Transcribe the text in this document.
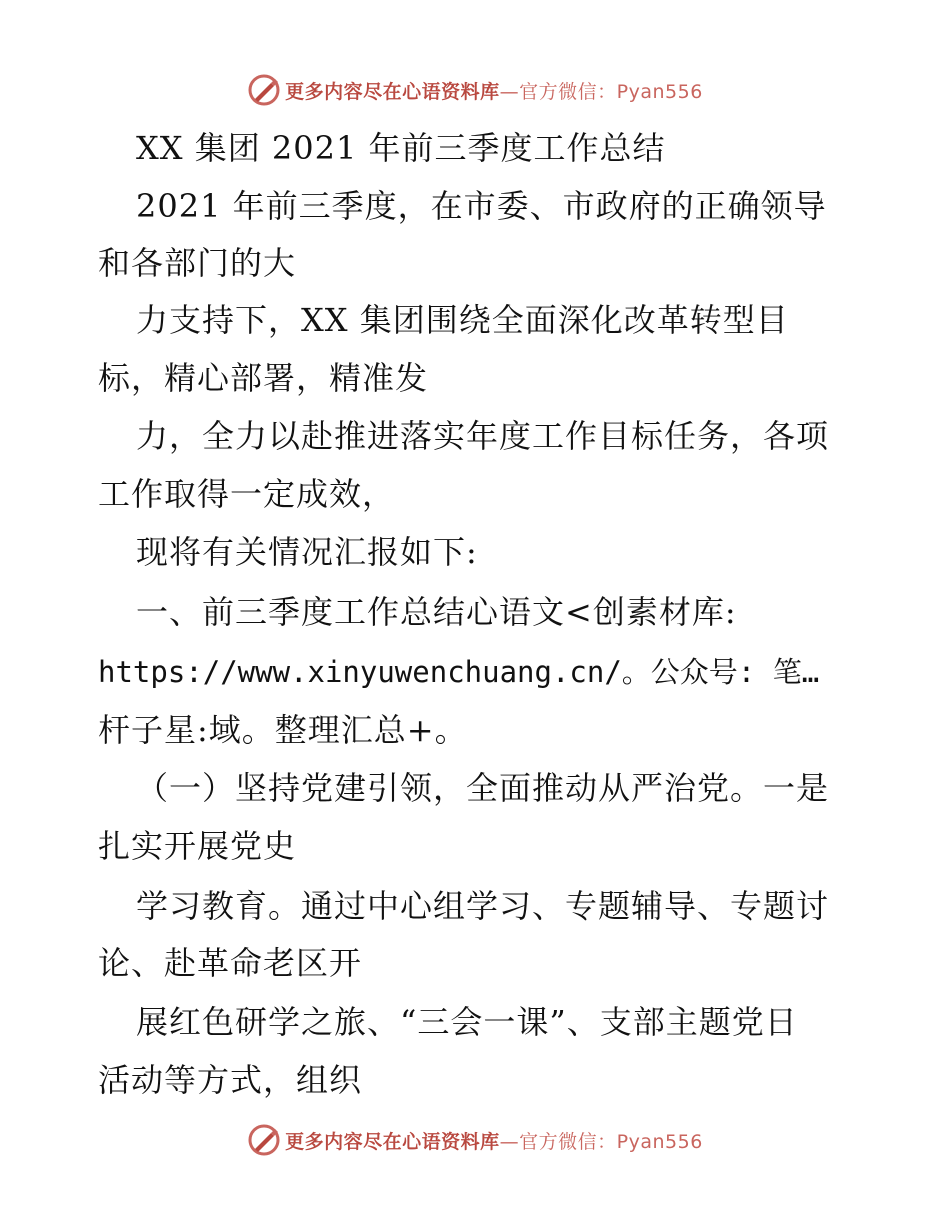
更多内容尽在心语资料库—官方微信：Pyan556
XX 集团 2021 年前三季度工作总结
2021 年前三季度，在市委、市政府的正确领导
和各部门的大
力支持下，XX 集团围绕全面深化改革转型目
标，精心部署，精准发
力，全力以赴推进落实年度工作目标任务，各项
工作取得一定成效，
现将有关情况汇报如下:
一、前三季度工作总结心语文<创素材库:
https://www.xinyuwenchuang.cn/。公众号: 笔…
杆子星:域。整理汇总+。
（一）坚持党建引领，全面推动从严治党。一是
扎实开展党史
学习教育。通过中心组学习、专题辅导、专题讨
论、赴革命老区开
展红色研学之旅、“三会一课”、支部主题党日
活动等方式，组织
更多内容尽在心语资料库—官方微信：Pyan556
